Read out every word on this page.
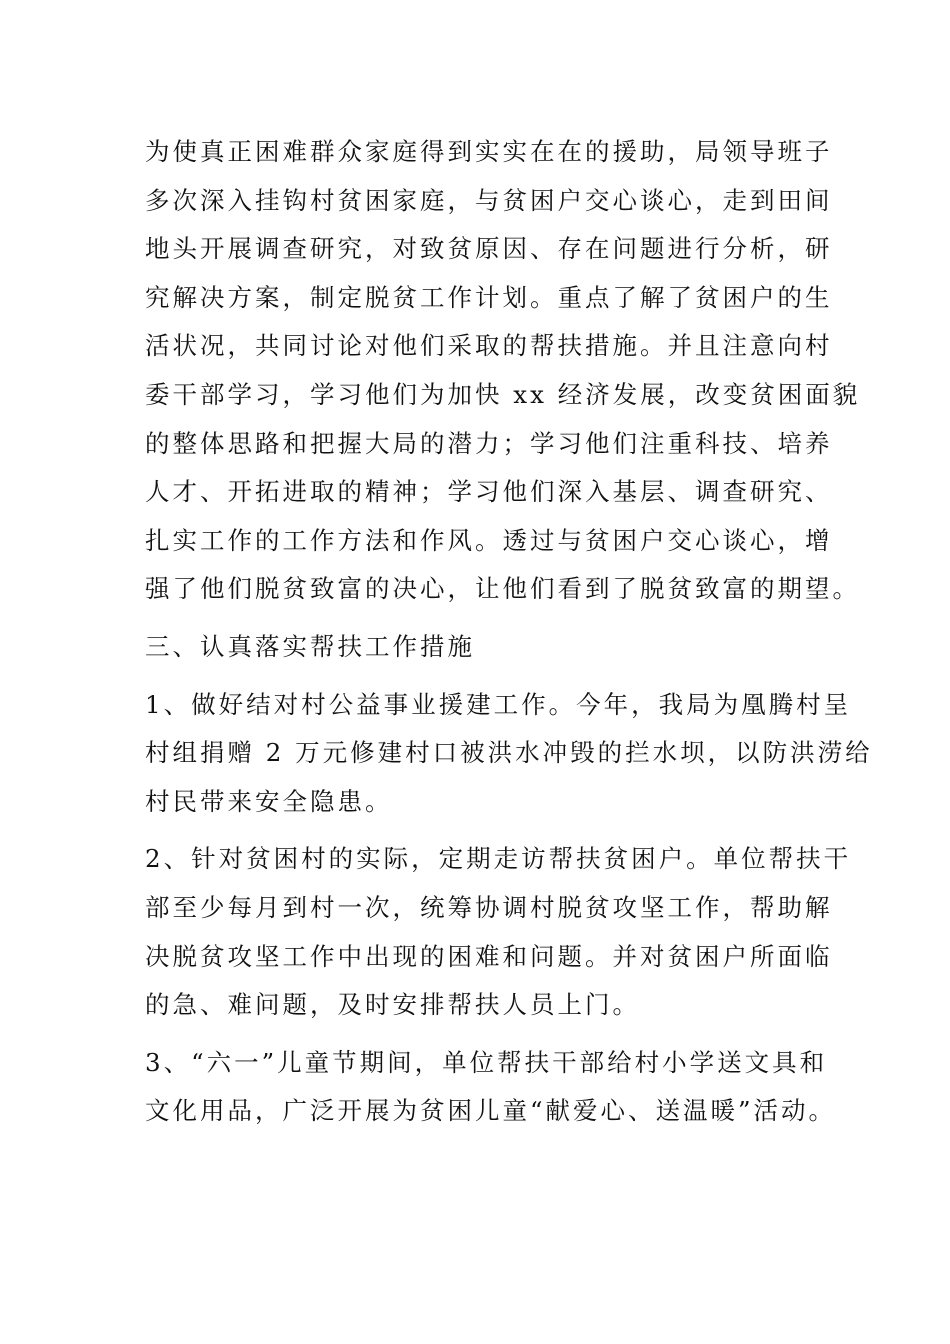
为使真正困难群众家庭得到实实在在的援助，局领导班子
多次深入挂钩村贫困家庭，与贫困户交心谈心，走到田间
地头开展调查研究，对致贫原因、存在问题进行分析，研
究解决方案，制定脱贫工作计划。重点了解了贫困户的生
活状况，共同讨论对他们采取的帮扶措施。并且注意向村
委干部学习，学习他们为加快 xx 经济发展，改变贫困面貌
的整体思路和把握大局的潜力；学习他们注重科技、培养
人才、开拓进取的精神；学习他们深入基层、调查研究、
扎实工作的工作方法和作风。透过与贫困户交心谈心，增
强了他们脱贫致富的决心，让他们看到了脱贫致富的期望。
三、认真落实帮扶工作措施
1、做好结对村公益事业援建工作。今年，我局为凰腾村呈
村组捐赠 2 万元修建村口被洪水冲毁的拦水坝，以防洪涝给
村民带来安全隐患。
2、针对贫困村的实际，定期走访帮扶贫困户。单位帮扶干
部至少每月到村一次，统筹协调村脱贫攻坚工作，帮助解
决脱贫攻坚工作中出现的困难和问题。并对贫困户所面临
的急、难问题，及时安排帮扶人员上门。
3、“六一”儿童节期间，单位帮扶干部给村小学送文具和
文化用品，广泛开展为贫困儿童“献爱心、送温暖”活动。
